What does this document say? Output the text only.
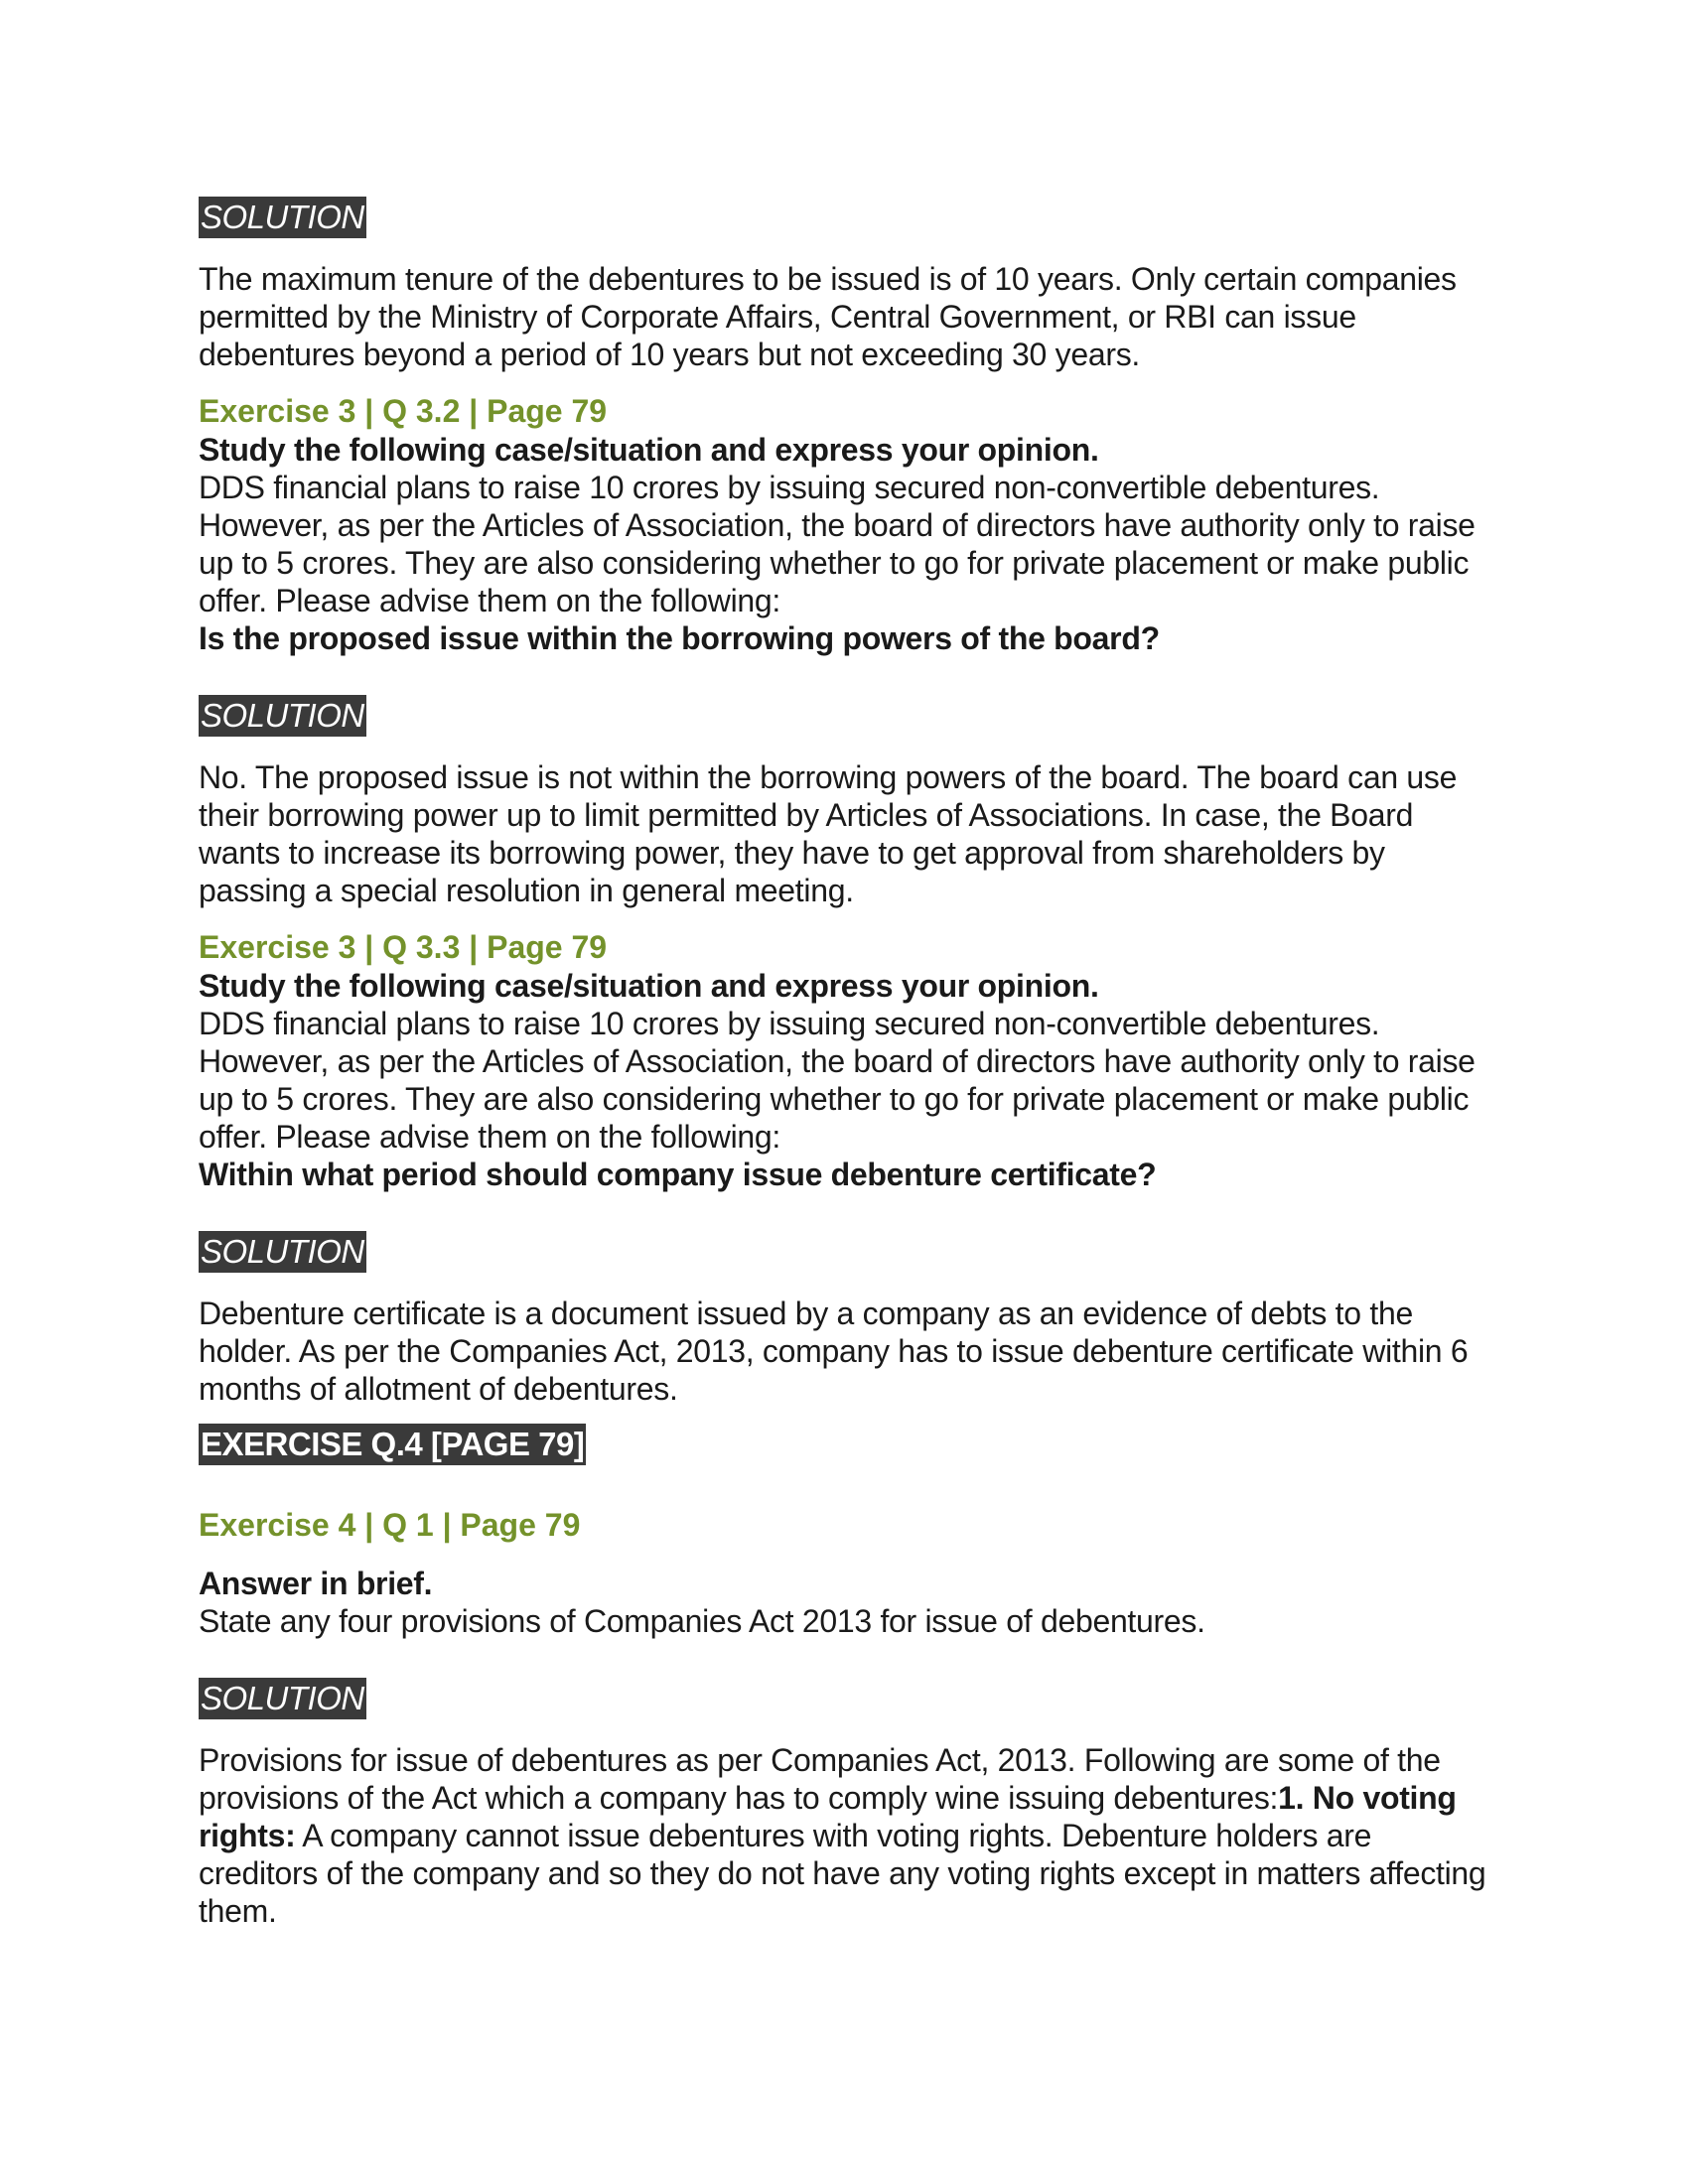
SOLUTION

The maximum tenure of the debentures to be issued is of 10 years. Only certain companies permitted by the Ministry of Corporate Affairs, Central Government, or RBI can issue debentures beyond a period of 10 years but not exceeding 30 years.

Exercise 3 | Q 3.2 | Page 79

Study the following case/situation and express your opinion.

DDS financial plans to raise 10 crores by issuing secured non-convertible debentures. However, as per the Articles of Association, the board of directors have authority only to raise up to 5 crores. They are also considering whether to go for private placement or make public offer. Please advise them on the following:

Is the proposed issue within the borrowing powers of the board?

SOLUTION

No. The proposed issue is not within the borrowing powers of the board. The board can use their borrowing power up to limit permitted by Articles of Associations. In case, the Board wants to increase its borrowing power, they have to get approval from shareholders by passing a special resolution in general meeting.

Exercise 3 | Q 3.3 | Page 79

Study the following case/situation and express your opinion.

DDS financial plans to raise 10 crores by issuing secured non-convertible debentures. However, as per the Articles of Association, the board of directors have authority only to raise up to 5 crores. They are also considering whether to go for private placement or make public offer. Please advise them on the following:

Within what period should company issue debenture certificate?

SOLUTION

Debenture certificate is a document issued by a company as an evidence of debts to the holder. As per the Companies Act, 2013, company has to issue debenture certificate within 6 months of allotment of debentures.

EXERCISE Q.4 [PAGE 79]
Exercise 4 | Q 1 | Page 79

Answer in brief.

State any four provisions of Companies Act 2013 for issue of debentures.

SOLUTION

Provisions for issue of debentures as per Companies Act, 2013. Following are some of the provisions of the Act which a company has to comply wine issuing debentures:1. No voting rights: A company cannot issue debentures with voting rights. Debenture holders are creditors of the company and so they do not have any voting rights except in matters affecting them.
